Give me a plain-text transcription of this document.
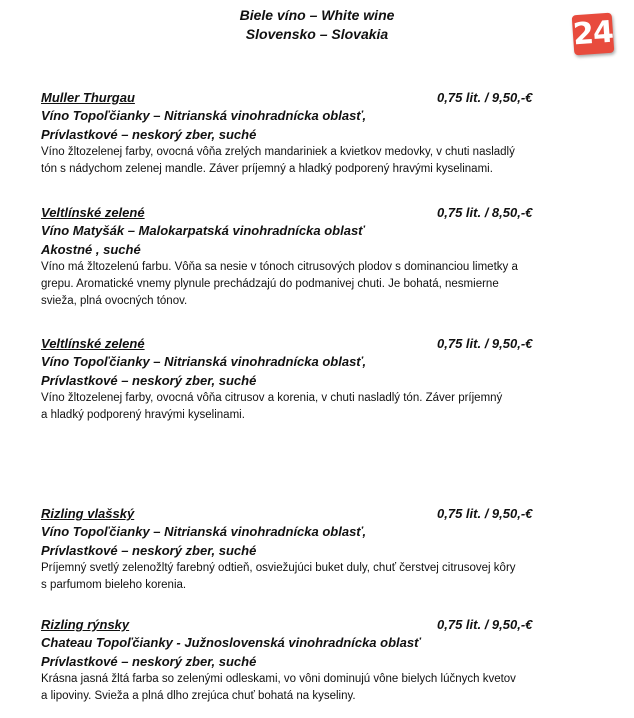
Biele víno – White wine
Slovensko – Slovakia	24
Muller Thurgau	0,75 lit. / 9,50,-€
Víno Topoľčianky – Nitrianská vinohradnícka oblasť,
Prívlastkové – neskorý zber, suché
Víno žltozelenej farby, ovocná vôňa zrelých mandariniek a kvietkov medovky, v chuti nasladlý
tón s nádychom zelenej mandle. Záver príjemný a hladký podporený hravými kyselinami.
Veltlínské zelené	0,75 lit. / 8,50,-€
Víno Matyšák – Malokarpatská vinohradnícka oblasť
Akostné , suché
Víno má žltozelenú farbu. Vôňa sa nesie v tónoch citrusových plodov s dominanciou limetky a
grepu. Aromatické vnemy plynule prechádzajú do podmanivej chuti. Je bohatá, nesmierne
svieža, plná ovocných tónov.
Veltlínské zelené	0,75 lit. / 9,50,-€
Víno Topoľčianky – Nitrianská vinohradnícka oblasť,
Prívlastkové – neskorý zber, suché
Víno žltozelenej farby, ovocná vôňa citrusov a korenia, v chuti nasladlý tón. Záver príjemný
a hladký podporený hravými kyselinami.
Rizling vlašský	0,75 lit. / 9,50,-€
Víno Topoľčianky – Nitrianská vinohradnícka oblasť,
Prívlastkové – neskorý zber, suché
Príjemný svetlý zelenožltý farebný odtieň, osviežujúci buket duly, chuť čerstvej citrusovej kôry
s parfumom bieleho korenia.
Rizling rýnsky	0,75 lit. / 9,50,-€
Chateau Topoľčianky - Južnoslovenská vinohradnícka oblasť
Prívlastkové – neskorý zber, suché
Krásna jasná žltá farba so zelenými odleskami, vo vôni dominujú vône bielych lúčnych kvetov
a lipoviny. Svieža a plná dlho zrejúca chuť bohatá na kyseliny.
